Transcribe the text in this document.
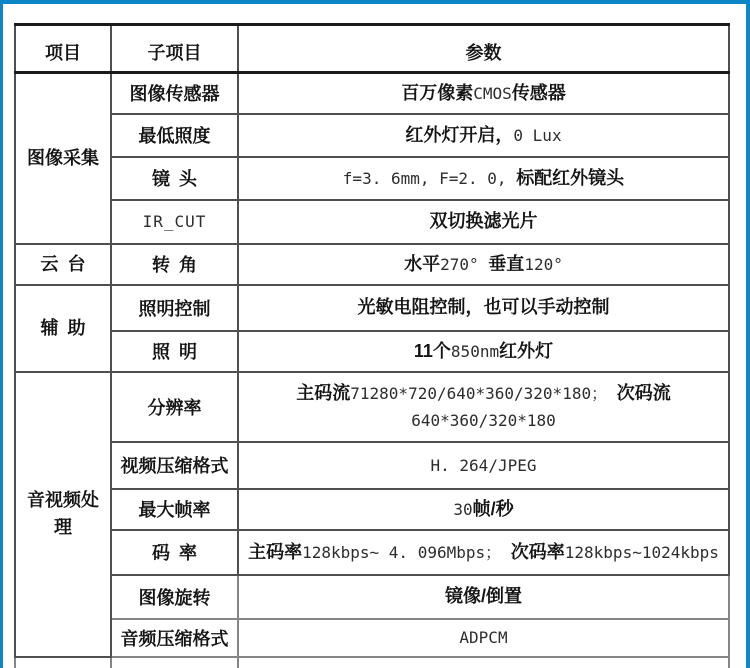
项目	子项目	参数
图像采集	图像传感器	百万像素CMOS传感器
	最低照度	红外灯开启，0 Lux
	镜头	f=3. 6mm, F=2. 0, 标配红外镜头
	IR_CUT	双切换滤光片
云台	转角	水平270° 垂直120°
辅助	照明控制	光敏电阻控制，也可以手动控制
	照明	11个850nm红外灯
音视频处理	分辨率	主码流71280*720/640*360/320*180； 次码流
640*360/320*180
	视频压缩格式	H. 264/JPEG
	最大帧率	30帧/秒
	码率	主码率128kbps~ 4. 096Mbps； 次码率128kbps~1024kbps
	图像旋转	镜像/倒置
	音频压缩格式	ADPCM
